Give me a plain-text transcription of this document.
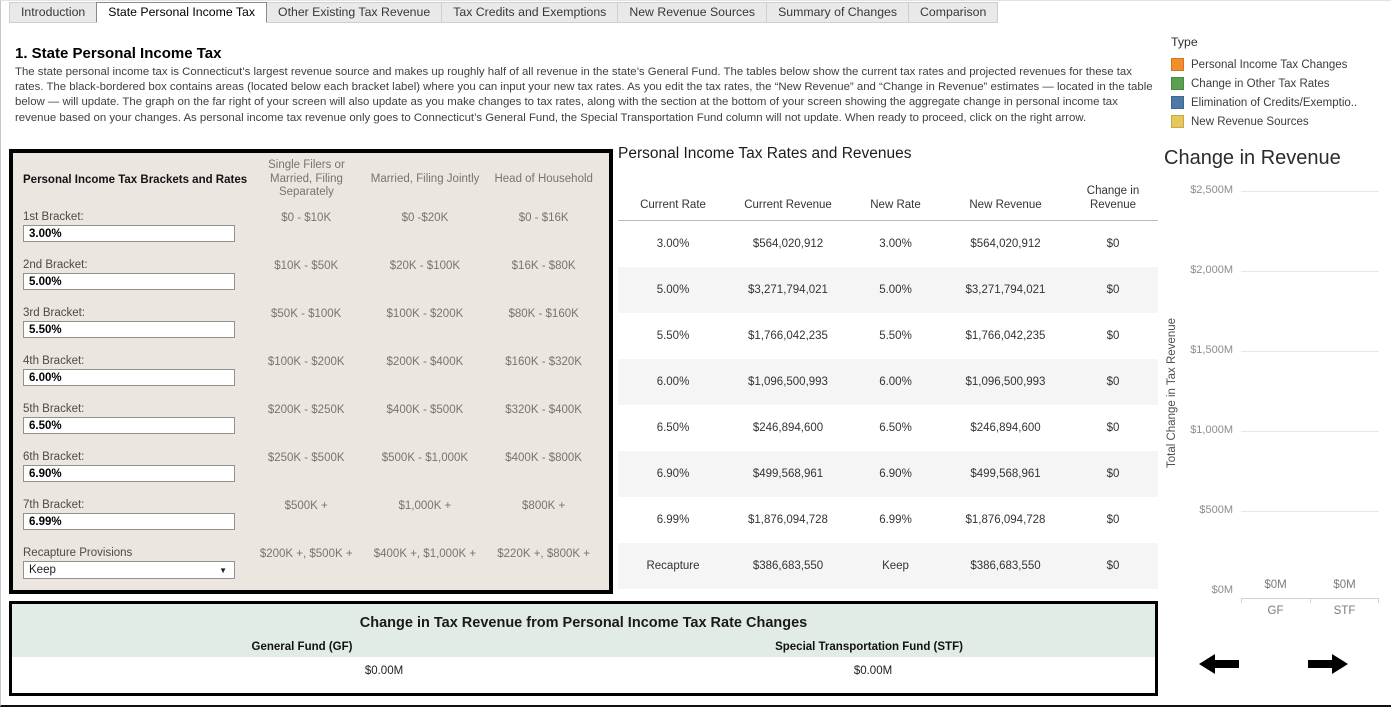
Introduction	State Personal Income Tax	Other Existing Tax Revenue	Tax Credits and Exemptions	New Revenue Sources	Summary of Changes	Comparison
1. State Personal Income Tax
The state personal income tax is Connecticut’s largest revenue source and makes up roughly half of all revenue in the state’s General Fund. The tables below show the current tax rates and projected revenues for these tax rates. The black-bordered box contains areas (located below each bracket label) where you can input your new tax rates. As you edit the tax rates, the “New Revenue” and “Change in Revenue” estimates — located in the table below — will update. The graph on the far right of your screen will also update as you make changes to tax rates, along with the section at the bottom of your screen showing the aggregate change in personal income tax revenue based on your changes. As personal income tax revenue only goes to Connecticut’s General Fund, the Special Transportation Fund column will not update. When ready to proceed, click on the right arrow.
Personal Income Tax Brackets and Rates
Single Filers or Married, Filing Separately
Married, Filing Jointly	Head of Household
1st Bracket:
3.00%	$0 - $10K	$0 -$20K	$0 - $16K
2nd Bracket:
5.00%	$10K - $50K	$20K - $100K	$16K - $80K
3rd Bracket:
5.50%	$50K - $100K	$100K - $200K	$80K - $160K
4th Bracket:
6.00%	$100K - $200K	$200K - $400K	$160K - $320K
5th Bracket:
6.50%	$200K - $250K	$400K - $500K	$320K - $400K
6th Bracket:
6.90%	$250K - $500K	$500K - $1,000K	$400K - $800K
7th Bracket:
6.99%	$500K +	$1,000K +	$800K +
Recapture Provisions
Keep	▼
$200K +, $500K +	$400K +, $1,000K +	$220K +, $800K +
Personal Income Tax Rates and Revenues
Current Rate	Current Revenue	New Rate	New Revenue
Change in Revenue
3.00%	$564,020,912	3.00%	$564,020,912	$0
5.00%	$3,271,794,021	5.00%	$3,271,794,021	$0
5.50%	$1,766,042,235	5.50%	$1,766,042,235	$0
6.00%	$1,096,500,993	6.00%	$1,096,500,993	$0
6.50%	$246,894,600	6.50%	$246,894,600	$0
6.90%	$499,568,961	6.90%	$499,568,961	$0
6.99%	$1,876,094,728	6.99%	$1,876,094,728	$0
Recapture	$386,683,550	Keep	$386,683,550	$0
Type
Personal Income Tax Changes
Change in Other Tax Rates
Elimination of Credits/Exemptio..
New Revenue Sources
Change in Revenue
$2,500M
$2,000M
$1,500M
$1,000M
$500M
$0M
Total Change in Tax Revenue
$0M	$0M
GF	STF
Change in Tax Revenue from Personal Income Tax Rate Changes
General Fund (GF)	Special Transportation Fund (STF)
$0.00M	$0.00M
